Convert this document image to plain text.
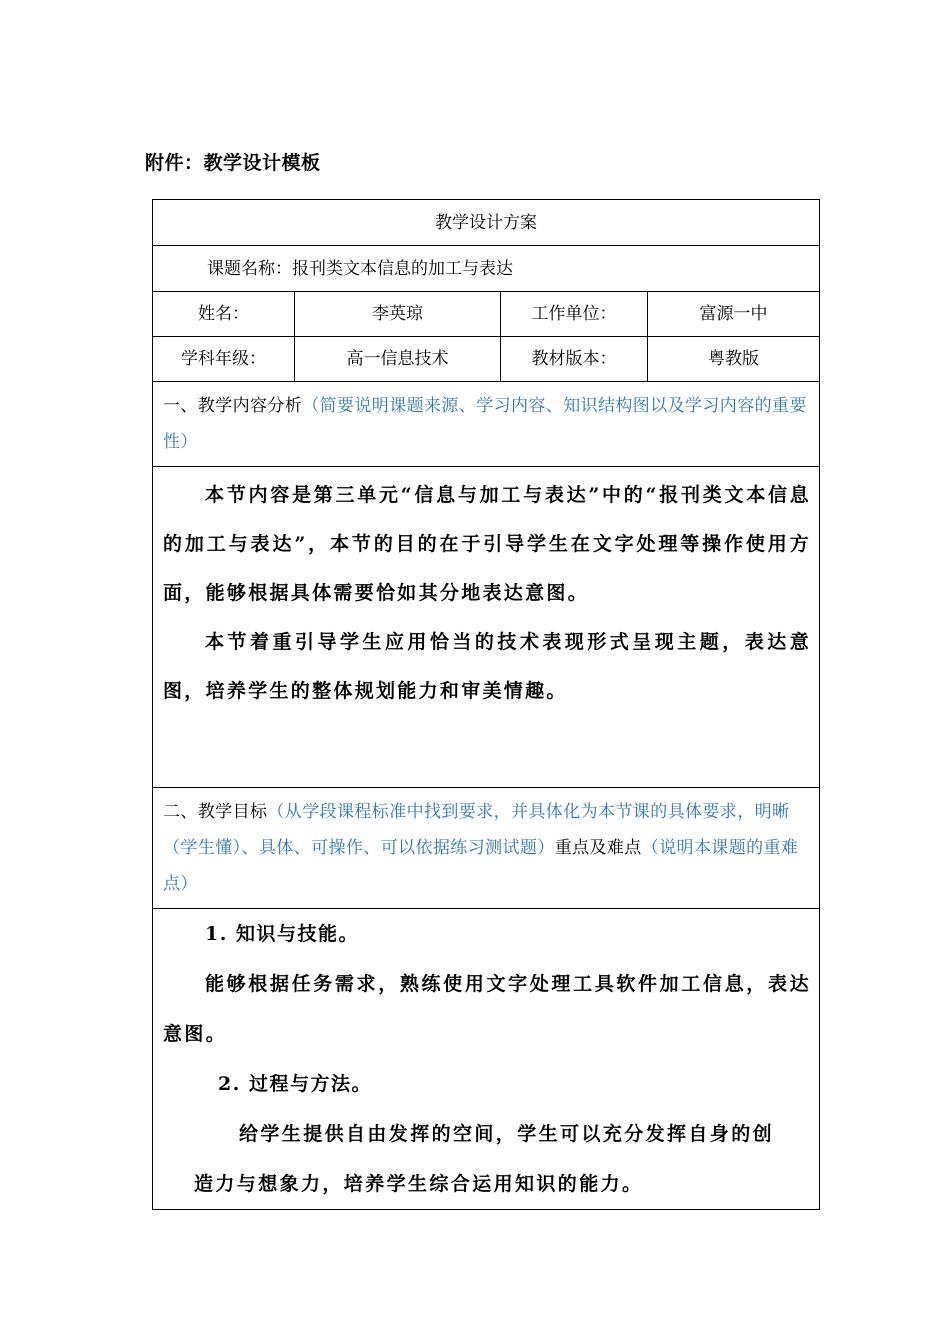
附件：教学设计模板
教学设计方案			
课题名称：报刊类文本信息的加工与表达			
姓名：	李英琼	工作单位：	富源一中
学科年级：	高一信息技术	教材版本：	粤教版
一、教学内容分析（简要说明课题来源、学习内容、知识结构图以及学习内容的重要性）			

本节内容是第三单元“信息与加工与表达”中的“报刊类文本信息的加工与表达”，本节的目的在于引导学生在文字处理等操作使用方面，能够根据具体需要恰如其分地表达意图。

本节着重引导学生应用恰当的技术表现形式呈现主题，表达意图，培养学生的整体规划能力和审美情趣。			

二、教学目标（从学段课程标准中找到要求，并具体化为本节课的具体要求，明晰（学生懂）、具体、可操作、可以依据练习测试题）重点及难点（说明本课题的重难点）			

1. 知识与技能。

能够根据任务需求，熟练使用文字处理工具软件加工信息，表达意图。

2. 过程与方法。

给学生提供自由发挥的空间，学生可以充分发挥自身的创

造力与想象力，培养学生综合运用知识的能力。			
